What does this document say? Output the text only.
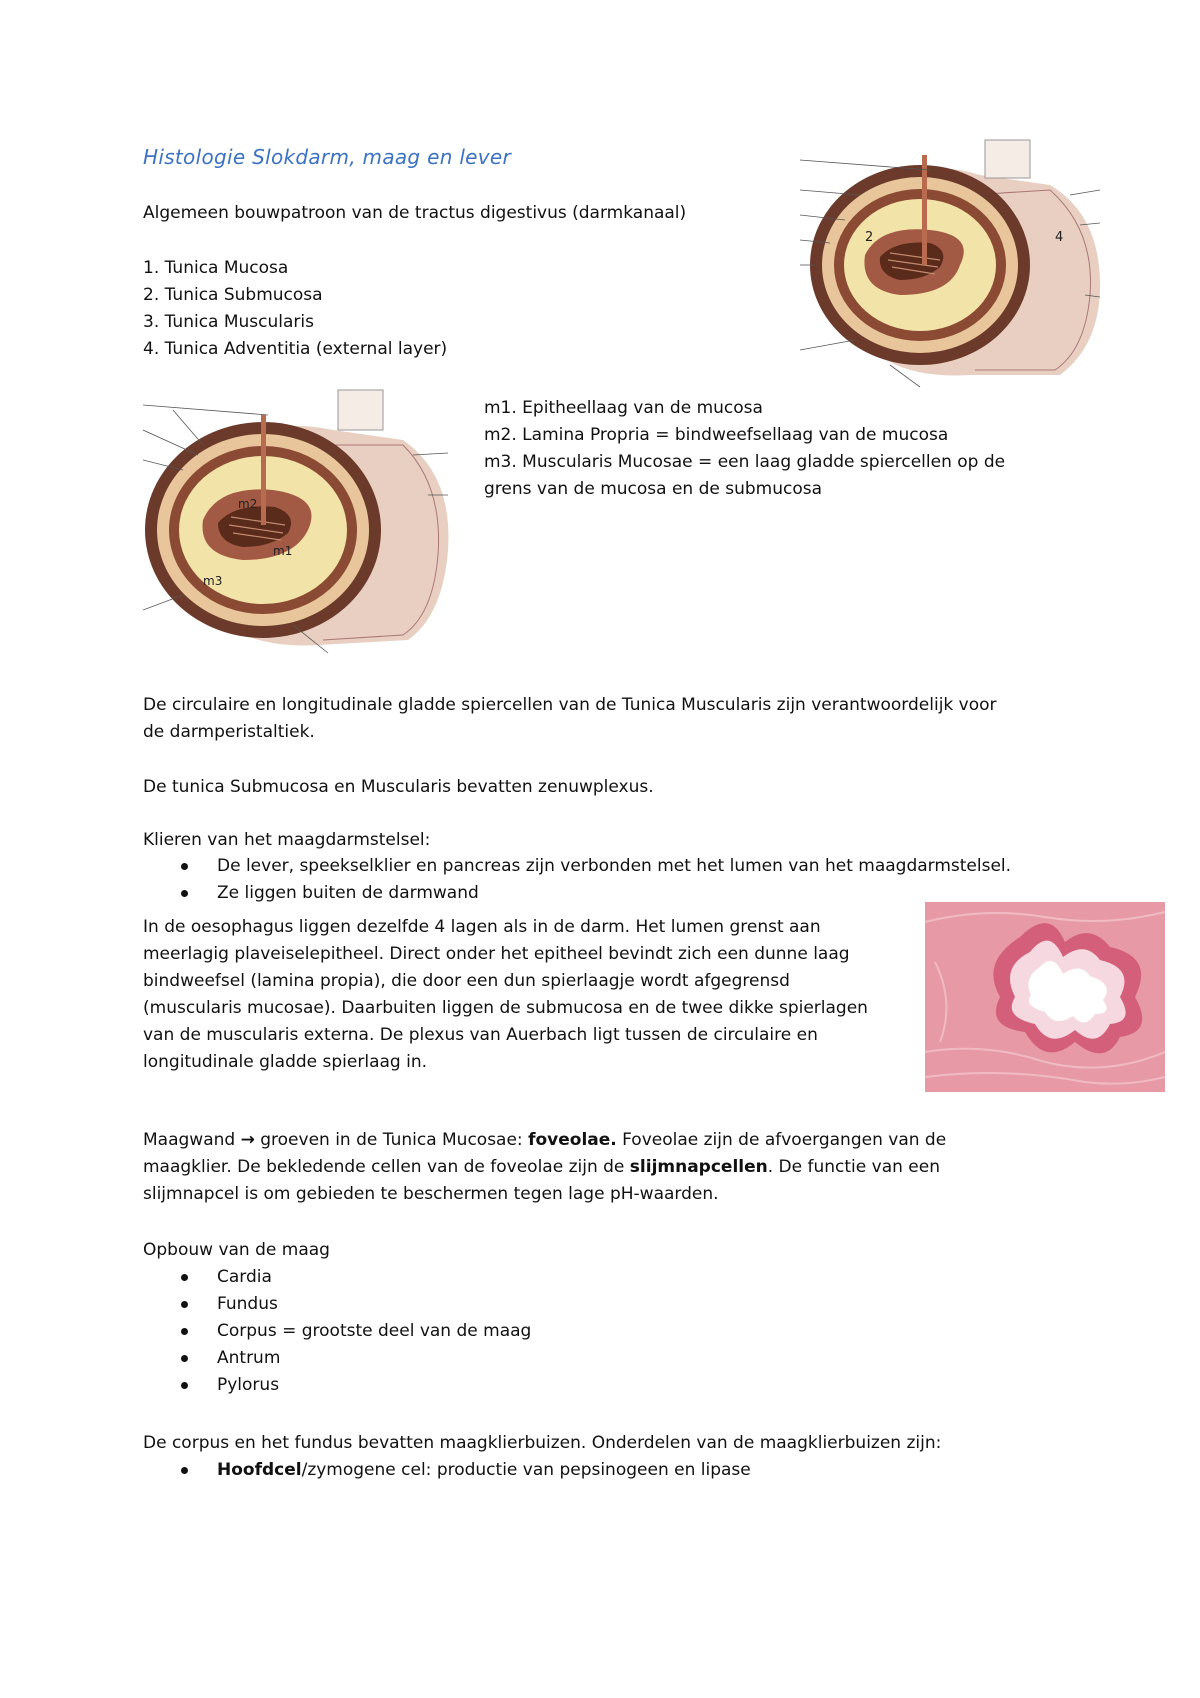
Histologie Slokdarm, maag en lever
Algemeen bouwpatroon van de tractus digestivus (darmkanaal)
1. Tunica Mucosa
2. Tunica Submucosa
3. Tunica Muscularis
4. Tunica Adventitia (external layer)
2	4
m2
m1
m3
m1. Epitheellaag van de mucosa
m2. Lamina Propria = bindweefsellaag van de mucosa
m3. Muscularis Mucosae = een laag gladde spiercellen op de
grens van de mucosa en de submucosa
De circulaire en longitudinale gladde spiercellen van de Tunica Muscularis zijn verantwoordelijk voor
de darmperistaltiek.
De tunica Submucosa en Muscularis bevatten zenuwplexus.
Klieren van het maagdarmstelsel:
De lever, speekselklier en pancreas zijn verbonden met het lumen van het maagdarmstelsel.
Ze liggen buiten de darmwand
In de oesophagus liggen dezelfde 4 lagen als in de darm. Het lumen grenst aan
meerlagig plaveiselepitheel. Direct onder het epitheel bevindt zich een dunne laag
bindweefsel (lamina propia), die door een dun spierlaagje wordt afgegrensd
(muscularis mucosae). Daarbuiten liggen de submucosa en de twee dikke spierlagen
van de muscularis externa. De plexus van Auerbach ligt tussen de circulaire en
longitudinale gladde spierlaag in.
Maagwand → groeven in de Tunica Mucosae: foveolae. Foveolae zijn de afvoergangen van de
maagklier. De bekledende cellen van de foveolae zijn de slijmnapcellen. De functie van een
slijmnapcel is om gebieden te beschermen tegen lage pH-waarden.
Opbouw van de maag
Cardia
Fundus
Corpus = grootste deel van de maag
Antrum
Pylorus
De corpus en het fundus bevatten maagklierbuizen. Onderdelen van de maagklierbuizen zijn:
Hoofdcel/zymogene cel: productie van pepsinogeen en lipase
